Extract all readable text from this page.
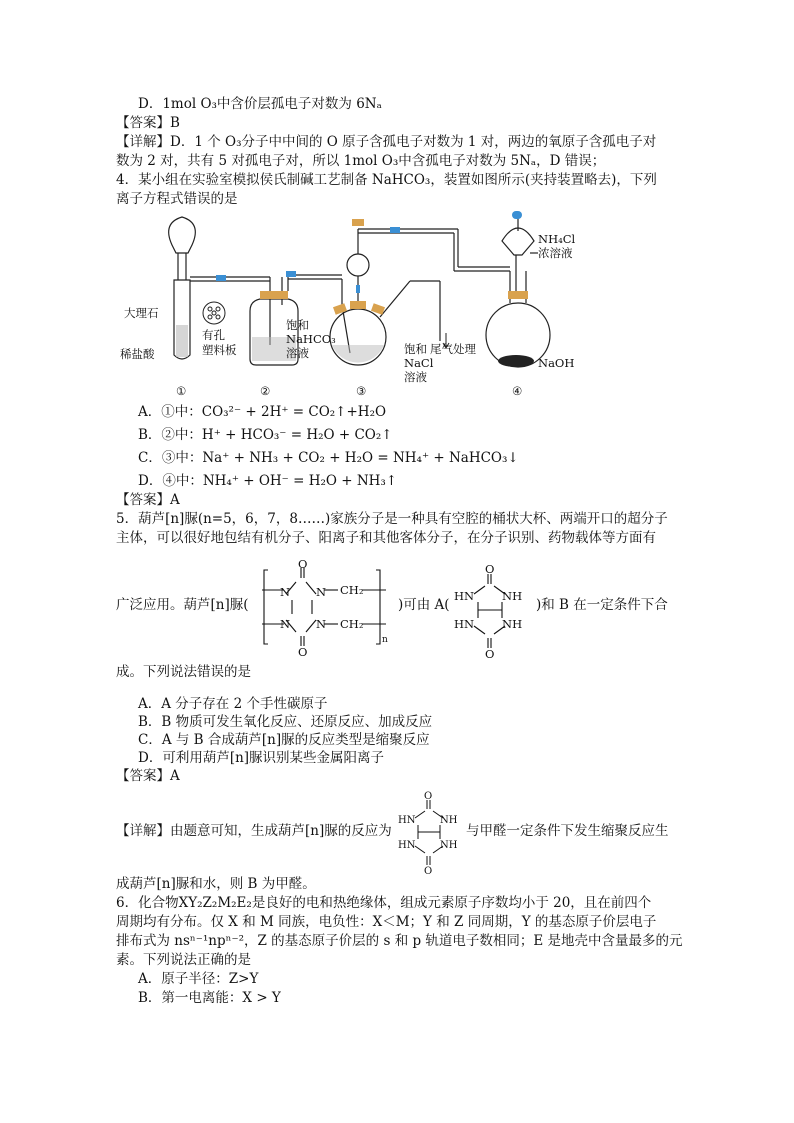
D．1mol O₃中含价层孤电子对数为 6Nₐ
【答案】B
【详解】D．1 个 O₃分子中中间的 O 原子含孤电子对数为 1 对，两边的氧原子含孤电子对
数为 2 对，共有 5 对孤电子对，所以 1mol O₃中含孤电子对数为 5Nₐ，D 错误；
4．某小组在实验室模拟侯氏制碱工艺制备 NaHCO₃，装置如图所示(夹持装置略去)，下列
离子方程式错误的是
大理石
有孔
塑料板
稀盐酸
饱和
NaHCO₃
溶液	饱和 尾气处理
NaCl
溶液
NH₄Cl
浓溶液
NaOH
①	②	③	④
A．①中：CO₃²⁻ + 2H⁺ = CO₂↑+H₂O
B．②中：H⁺ + HCO₃⁻ = H₂O + CO₂↑
C．③中：Na⁺ + NH₃ + CO₂ + H₂O = NH₄⁺ + NaHCO₃↓
D．④中：NH₄⁺ + OH⁻ = H₂O + NH₃↑
【答案】A
5．葫芦[n]脲(n=5，6，7，8……)家族分子是一种具有空腔的桶状大杯、两端开口的超分子
主体，可以很好地包结有机分子、阳离子和其他客体分子，在分子识别、药物载体等方面有
广泛应用。葫芦[n]脲(
O
N N
N N
O
CH₂
CH₂
n
)可由 A(
O
HN NH
HN NH
O
)和 B 在一定条件下合
成。下列说法错误的是
A．A 分子存在 2 个手性碳原子
B．B 物质可发生氧化反应、还原反应、加成反应
C．A 与 B 合成葫芦[n]脲的反应类型是缩聚反应
D．可利用葫芦[n]脲识别某些金属阳离子
【答案】A
【详解】由题意可知，生成葫芦[n]脲的反应为
O
HN NH
HN NH
O
与甲醛一定条件下发生缩聚反应生
成葫芦[n]脲和水，则 B 为甲醛。
6．化合物XY₂Z₂M₂E₂是良好的电和热绝缘体，组成元素原子序数均小于 20，且在前四个
周期均有分布。仅 X 和 M 同族，电负性：X＜M；Y 和 Z 同周期，Y 的基态原子价层电子
排布式为 nsⁿ⁻¹npⁿ⁻²，Z 的基态原子价层的 s 和 p 轨道电子数相同；E 是地壳中含量最多的元
素。下列说法正确的是
A．原子半径：Z>Y
B．第一电离能：X > Y
